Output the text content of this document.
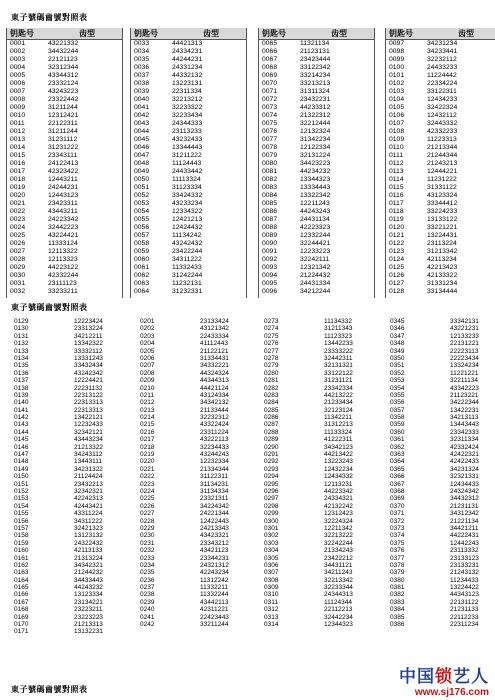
東子號碼齒號對照表
钥匙号	齿型
0001	43221332
0002	34432244
0003	22121123
0004	32312344
0005	43344312
0006	23332124
0007	43243223
0008	23322442
0009	31211244
0010	12312421
0011	22122311
0012	31211244
0013	31231112
0014	31231222
0015	23343111
0016	24122413
0017	42323422
0018	12443211
0019	24244231
0020	12443123
0021	23423311
0022	43443211
0023	24223342
0024	32442223
0025	43224421
0026	11333124
0027	12113322
0028	12113323
0029	44223122
0030	42332244
0031	23111123
0032	33233211
钥匙号	齿型
0033	44421313
0034	24334231
0035	44244231
0036	24331234
0037	44332132
0038	13223131
0039	22311334
0040	32213212
0041	32233322
0042	32233434
0043	24344333
0044	23113233
0045	43232433
0046	13344443
0047	31211222
0048	11124443
0049	24433442
0050	11113324
0051	31123334
0052	33424332
0053	43233234
0054	12334322
0055	12421213
0056	12424432
0057	11134242
0058	43242432
0059	23422244
0060	34311222
0061	11332433
0062	31242244
0063	11232131
0064	31232331
钥匙号	齿型
0065	11321134
0066	21123131
0067	23423444
0068	33122342
0069	33214234
0070	33213213
0071	31311324
0072	23432231
0073	44233312
0074	21322312
0075	32212444
0076	12132324
0077	31342234
0078	12122334
0079	32131224
0080	34423223
0081	44234232
0082	13344323
0083	13334443
0084	13322342
0085	12211243
0086	44243243
0087	24431134
0088	42223323
0089	12332244
0090	32244421
0091	12233223
0092	32242111
0093	12321342
0094	21224432
0095	24431334
0096	34212244
钥匙号	齿型
0097	34231234
0098	34233441
0099	32232112
0100	24433233
0101	11224442
0102	22334224
0103	33122311
0104	12434233
0105	32422324
0106	12432112
0107	32443332
0108	42332233
0109	11223313
0110	21213344
0111	21244344
0112	21243213
0113	12444221
0114	11231222
0115	31331122
0116	43123324
0117	33344412
0118	33224233
0119	13133122
0120	33221221
0121	13224431
0122	23113224
0123	31213342
0124	42113234
0125	42213423
0126	42133322
0127	31331234
0128	33134444
東子號碼齒號對照表
0129	12223424
0130	23313224
0131	34212211
0132	13342322
0133	33332112
0134	13331243
0135	33432434
0136	43242342
0137	12224421
0138	22231132
0139	22313122
0140	22313313
0141	22313313
0142	13422121
0143	12232433
0144	32342121
0145	43443234
0146	21213322
0147	34243112
0148	13443111
0149	34231322
0150	21124424
0151	23432213
0152	32342321
0153	42242313
0154	42443421
0155	43311224
0156	34311222
0157	32421323
0158	13123132
0159	24322432
0160	42113133
0161	21313224
0162	34342321
0163	21244232
0164	34433443
0165	44243232
0166	13123334
0167	23134221
0168	23223211
0169	23223223
0170	21213313
0171	13132231
0201	23133424
0202	43121342
0203	22433334
0204	41112443
0205	21122121
0206	31334431
0207	34332221
0208	44324324
0209	44344313
0210	44421124
0211	43124334
0212	34342132
0213	21133444
0214	32232312
0215	43322424
0216	23311224
0217	43222113
0218	32234433
0219	43244243
0220	12232334
0221	21334344
0222	31122311
0223	31134231
0224	31134334
0225	23321311
0226	34224342
0227	24221344
0228	12422443
0229	24213343
0230	43423321
0231	23343212
0232	43421123
0233	23344231
0234	24321312
0235	42243234
0236	11312242
0237	11332211
0238	11332244
0239	43442113
0240	42311221
0241	22423443
0242	33211244
0273	11134332
0274	31211343
0275	11123323
0276	13442233
0277	23333222
0278	32442311
0279	32131321
0280	33122122
0281	31231121
0282	23342334
0283	44213222
0284	21233434
0285	32123124
0286	11342211
0287	31312213
0288	11133324
0289	41222311
0290	34342123
0291	44213422
0292	13223243
0293	12432234
0294	12434332
0295	12113231
0296	44223342
0297	24334321
0298	42132242
0299	12312423
0300	32224324
0301	12211342
0302	32213222
0303	32242244
0304	21334243
0305	23422212
0306	34431121
0307	34211243
0308	32213342
0309	32233344
0310	24344313
0311	11124344
0312	22112213
0313	32442234
0314	12344323
0345	33342131
0346	43221231
0347	12133233
0348	22131221
0349	22223113
0350	22223434
0351	13324234
0352	11221221
0353	32211134
0354	43342223
0355	21123221
0356	34222344
0357	13422231
0358	34213113
0359	13443443
0360	23342333
0361	32311334
0362	42332424
0363	42422321
0364	42422433
0365	34231324
0366	32321331
0367	12434433
0368	24324342
0369	34432312
0370	21231131
0371	34312342
0372	21221134
0373	34421211
0374	44222431
0375	12442243
0376	23113332
0377	23133123
0378	23133231
0379	21243132
0380	11234433
0381	13224422
0382	44343123
0383	22131122
0384	21231133
0385	22112233
0386	22311234
東子號碼齒號對照表
中国锁艺人
www.sj176.com
